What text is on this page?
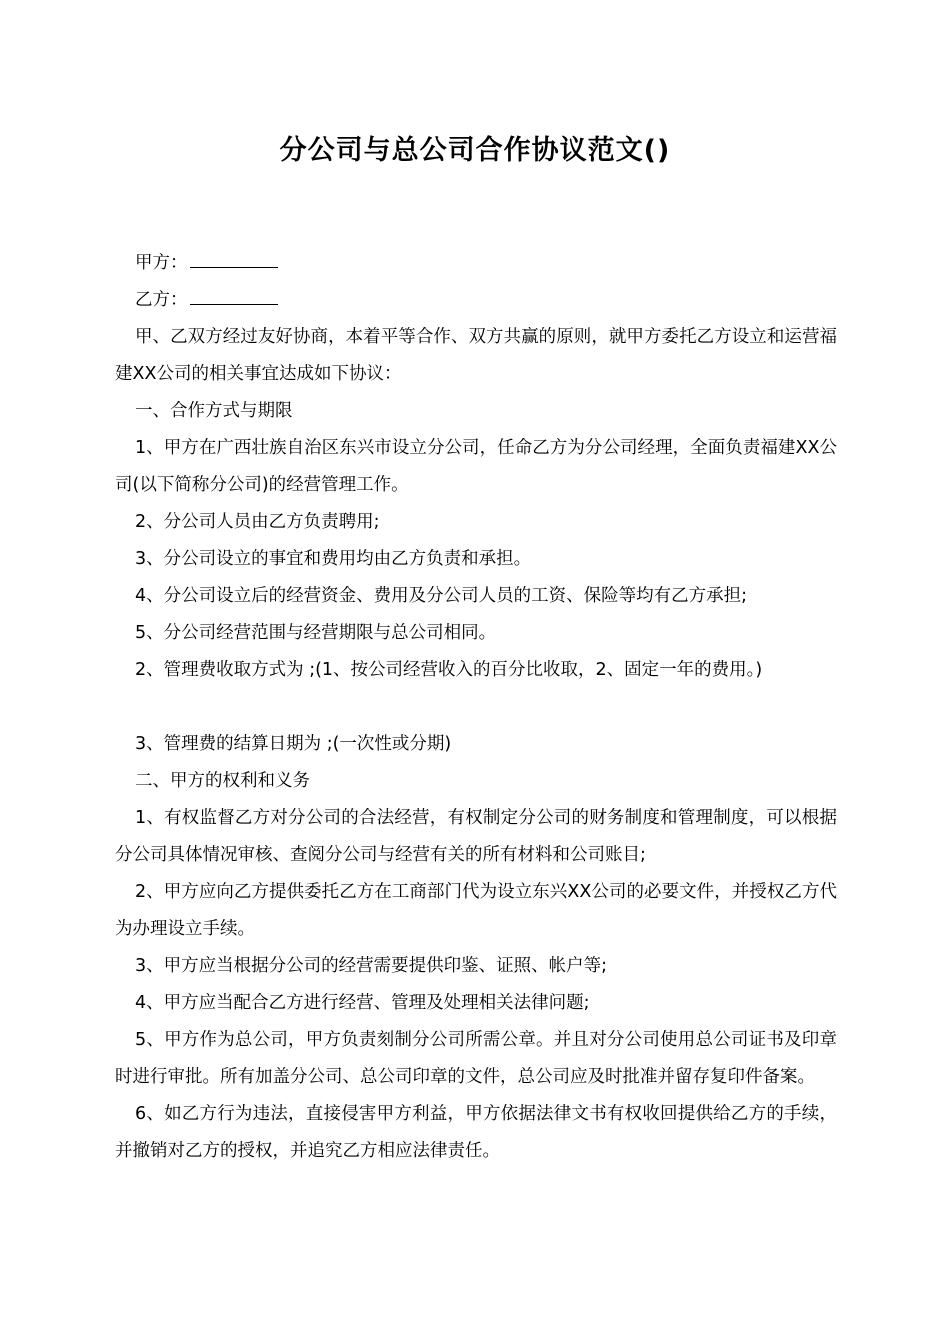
分公司与总公司合作协议范文()

甲方：

乙方：

甲、乙双方经过友好协商，本着平等合作、双方共赢的原则，就甲方委托乙方设立和运营福建XX公司的相关事宜达成如下协议：

一、合作方式与期限

1、甲方在广西壮族自治区东兴市设立分公司，任命乙方为分公司经理，全面负责福建XX公司(以下简称分公司)的经营管理工作。

2、分公司人员由乙方负责聘用;

3、分公司设立的事宜和费用均由乙方负责和承担。

4、分公司设立后的经营资金、费用及分公司人员的工资、保险等均有乙方承担;

5、分公司经营范围与经营期限与总公司相同。

2、管理费收取方式为 ;(1、按公司经营收入的百分比收取，2、固定一年的费用。)

3、管理费的结算日期为 ;(一次性或分期)

二、甲方的权利和义务

1、有权监督乙方对分公司的合法经营，有权制定分公司的财务制度和管理制度，可以根据分公司具体情况审核、查阅分公司与经营有关的所有材料和公司账目;

2、甲方应向乙方提供委托乙方在工商部门代为设立东兴XX公司的必要文件，并授权乙方代为办理设立手续。

3、甲方应当根据分公司的经营需要提供印鉴、证照、帐户等;

4、甲方应当配合乙方进行经营、管理及处理相关法律问题;

5、甲方作为总公司，甲方负责刻制分公司所需公章。并且对分公司使用总公司证书及印章时进行审批。所有加盖分公司、总公司印章的文件，总公司应及时批准并留存复印件备案。

6、如乙方行为违法，直接侵害甲方利益，甲方依据法律文书有权收回提供给乙方的手续，并撤销对乙方的授权，并追究乙方相应法律责任。
